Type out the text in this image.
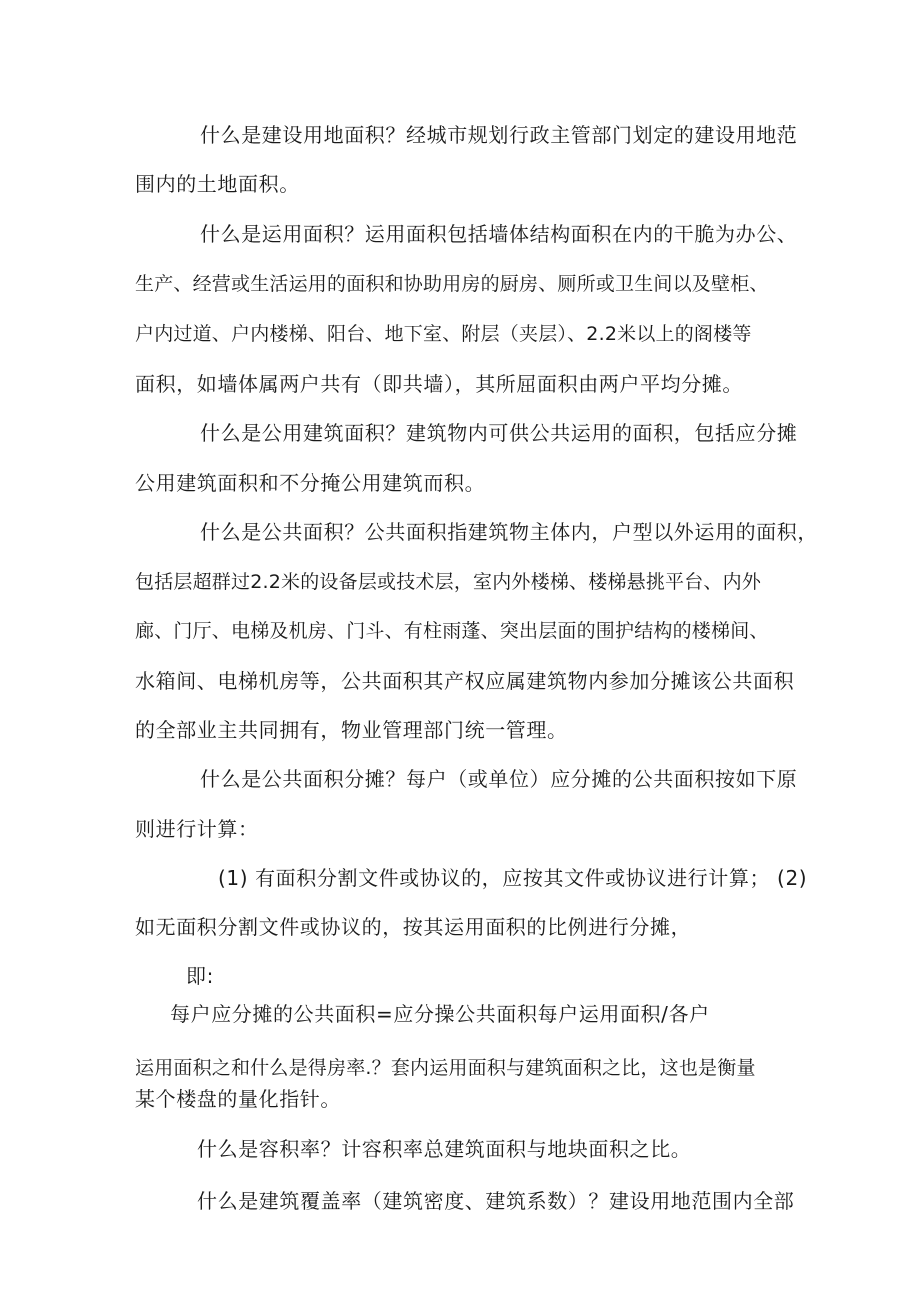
什么是建设用地面积？经城市规划行政主管部门划定的建设用地范
围内的土地面积。
什么是运用面积？运用面积包括墙体结构面积在内的干脆为办公、
生产、经营或生活运用的面积和协助用房的厨房、厕所或卫生间以及壁柜、
户内过道、户内楼梯、阳台、地下室、附层（夹层）、2.2米以上的阁楼等
面积，如墙体属两户共有（即共墙），其所屈面积由两户平均分摊。
什么是公用建筑面积？建筑物内可供公共运用的面积，包括应分摊
公用建筑面积和不分掩公用建筑而积。
什么是公共面积？公共面积指建筑物主体内，户型以外运用的面积，
包括层超群过2.2米的设备层或技术层，室内外楼梯、楼梯悬挑平台、内外
廊、门厅、电梯及机房、门斗、有柱雨蓬、突出层面的围护结构的楼梯间、
水箱间、电梯机房等，公共面积其产权应属建筑物内参加分摊该公共面积
的全部业主共同拥有，物业管理部门统一管理。
什么是公共面积分摊？每户（或单位）应分摊的公共面积按如下原
则进行计算：
(1) 有面积分割文件或协议的，应按其文件或协议进行计算； (2)
如无面积分割文件或协议的，按其运用面积的比例进行分摊，
即:
每户应分摊的公共面积=应分操公共面积每户运用面积/各户
运用面积之和什么是得房率.？套内运用面积与建筑面积之比，这也是衡量
某个楼盘的量化指针。
什么是容积率？计容积率总建筑面积与地块面积之比。
什么是建筑覆盖率（建筑密度、建筑系数）？建设用地范围内全部
